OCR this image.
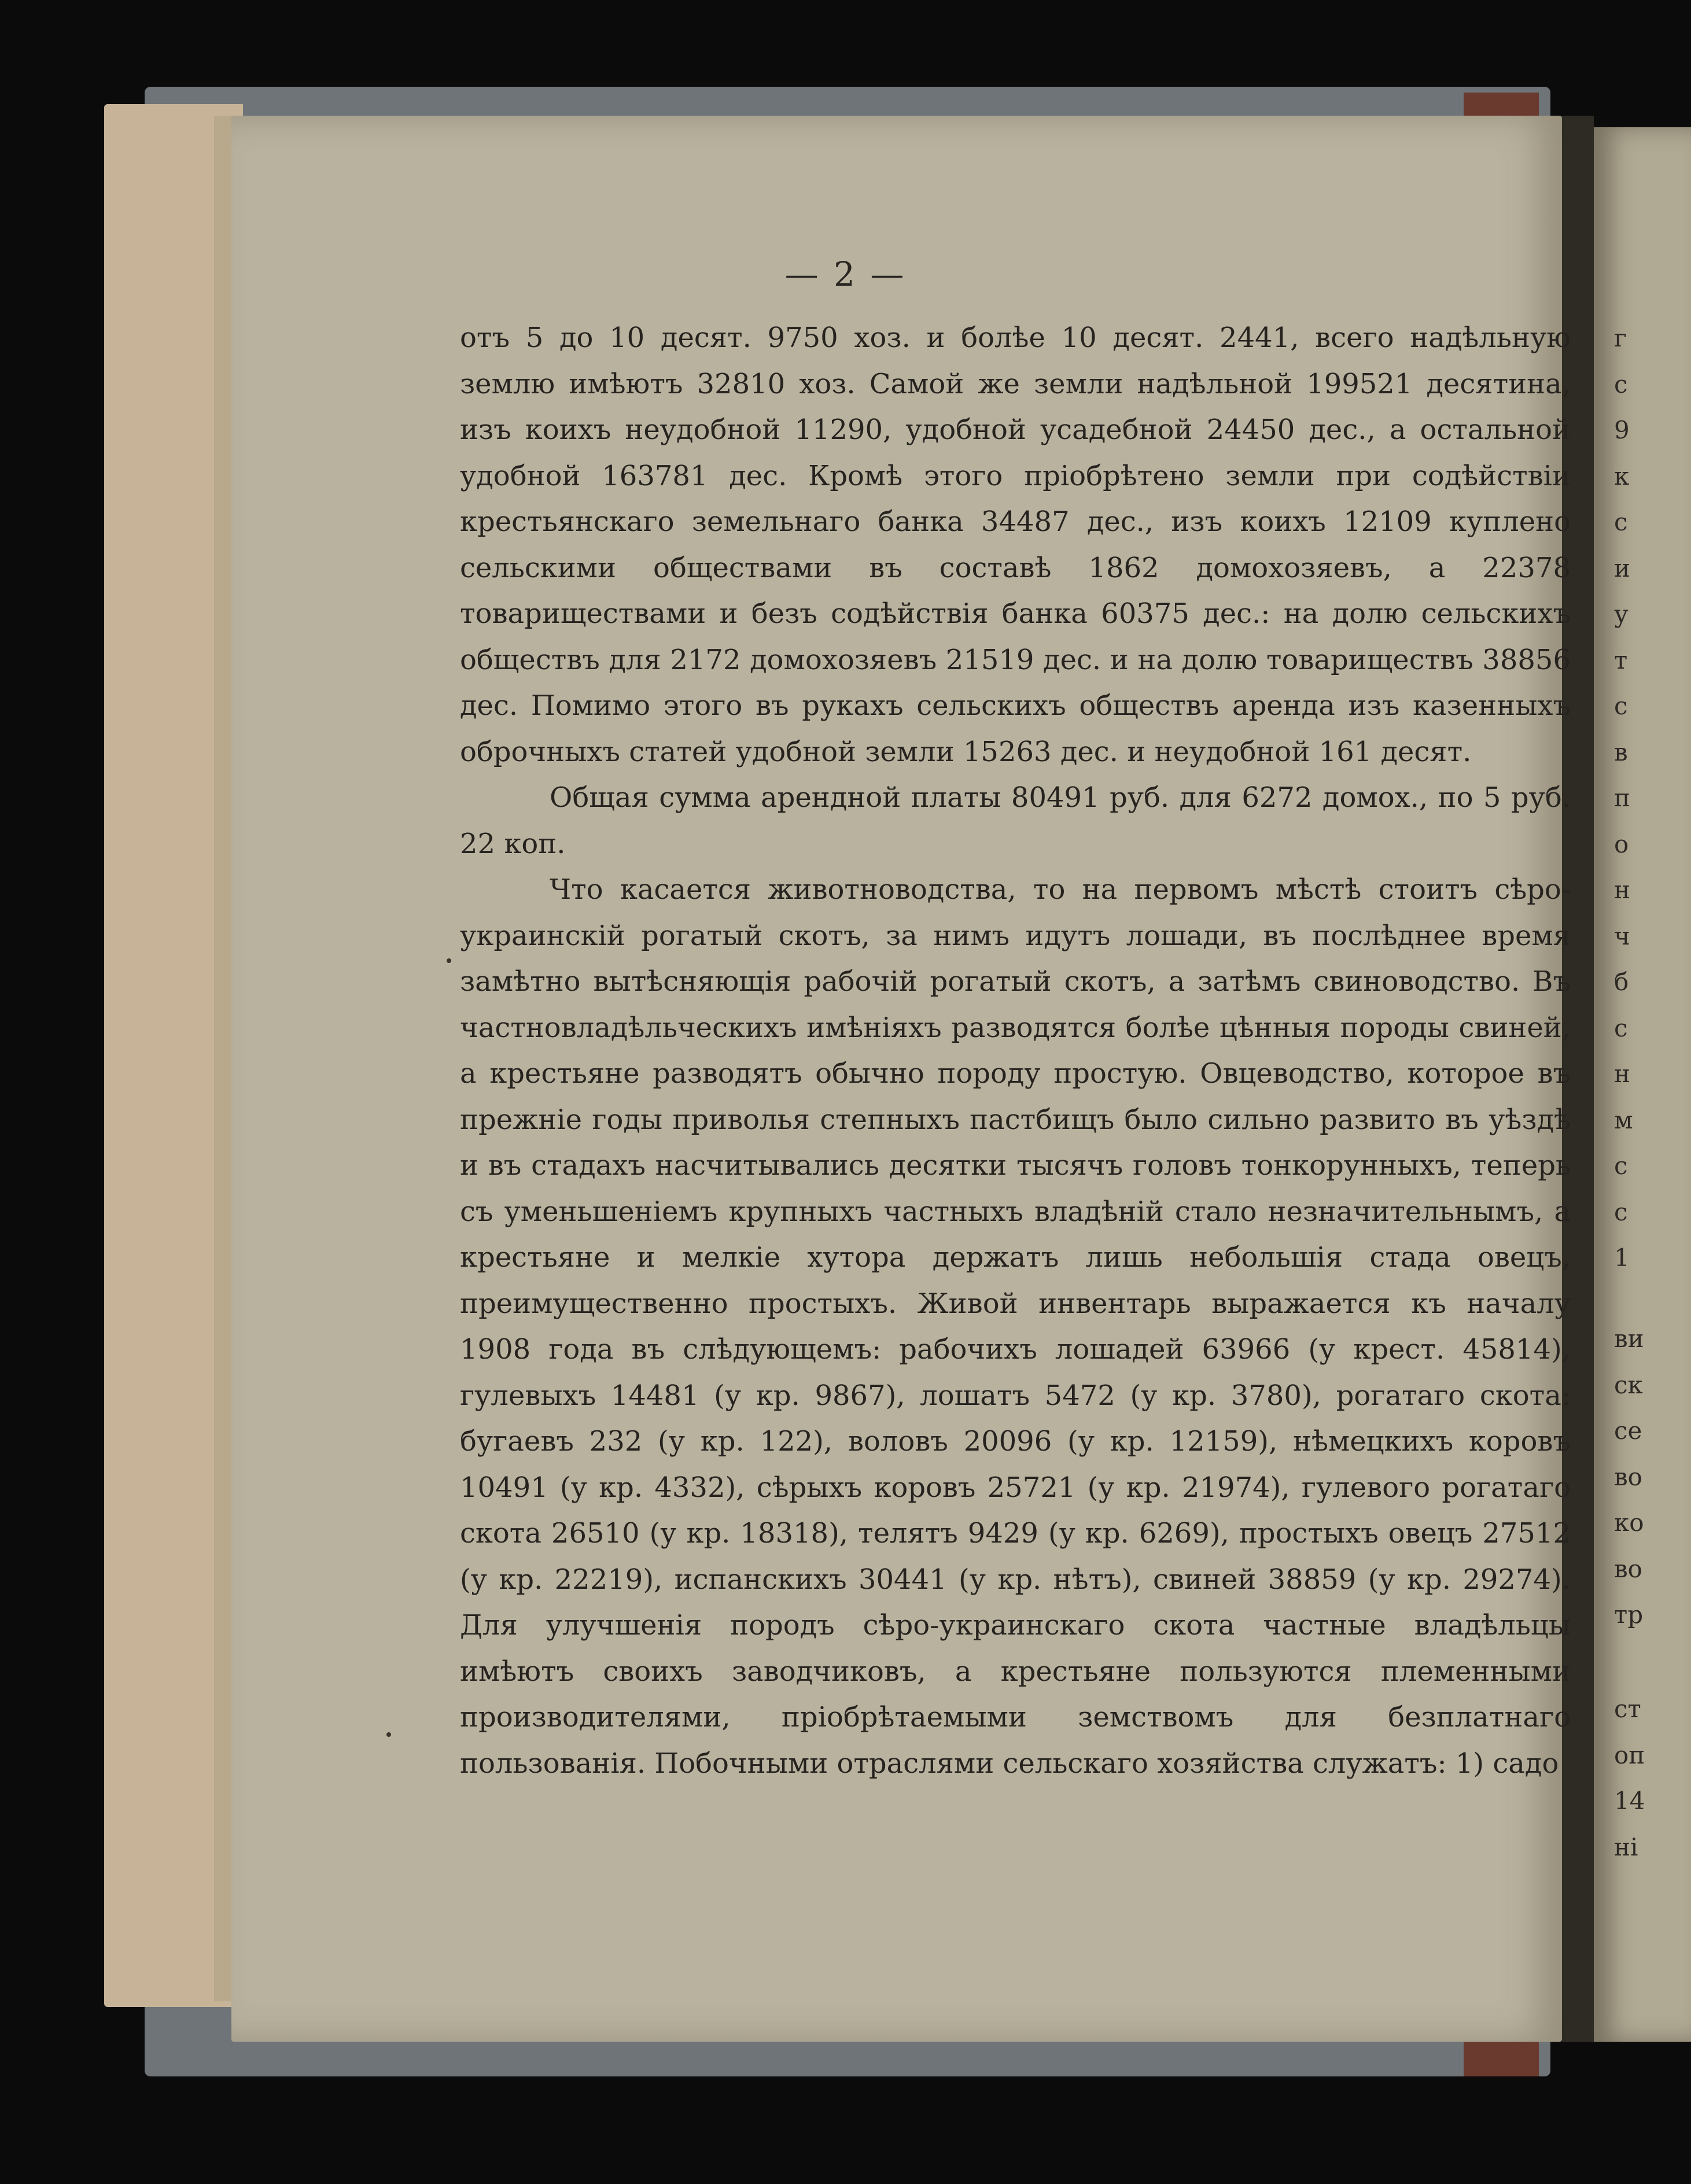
— 2 —

отъ 5 до 10 десят. 9750 хоз. и болѣе 10 десят. 2441, всего надѣльную землю имѣютъ 32810 хоз. Самой же земли надѣльной 199521 десятина, изъ коихъ неудобной 11290, удобной усадебной 24450 дес., а остальной удобной 163781 дес. Кромѣ этого пріобрѣтено земли при содѣйствіи крестьянскаго земельнаго банка 34487 дес., изъ коихъ 12109 куплено сельскими обществами въ составѣ 1862 домохозяевъ, а 22378 товариществами и безъ содѣйствія банка 60375 дес.: на долю сельскихъ обществъ для 2172 домохозяевъ 21519 дес. и на долю товариществъ 38856 дес. Помимо этого въ рукахъ сельскихъ обществъ аренда изъ казенныхъ оброчныхъ статей удобной земли 15263 дес. и неудобной 161 десят.

Общая сумма арендной платы 80491 руб. для 6272 домох., по 5 руб. 22 коп.

Что касается животноводства, то на первомъ мѣстѣ стоитъ сѣро-украинскій рогатый скотъ, за нимъ идутъ лошади, въ послѣднее время замѣтно вытѣсняющія рабочій рогатый скотъ, а затѣмъ свиноводство. Въ частновладѣльческихъ имѣніяхъ разводятся болѣе цѣнныя породы свиней, а крестьяне разводятъ обычно породу простую. Овцеводство, которое въ прежніе годы приволья степныхъ пастбищъ было сильно развито въ уѣздѣ и въ стадахъ насчитывались десятки тысячъ головъ тонкорунныхъ, теперь съ уменьшеніемъ крупныхъ частныхъ владѣній стало незначительнымъ, а крестьяне и мелкіе хутора держатъ лишь небольшія стада овецъ, преимущественно простыхъ. Живой инвентарь выражается къ началу 1908 года въ слѣдующемъ: рабочихъ лошадей 63966 (у крест. 45814), гулевыхъ 14481 (у кр. 9867), лошатъ 5472 (у кр. 3780), рогатаго скота: бугаевъ 232 (у кр. 122), воловъ 20096 (у кр. 12159), нѣмецкихъ коровъ 10491 (у кр. 4332), сѣрыхъ коровъ 25721 (у кр. 21974), гулевого рогатаго скота 26510 (у кр. 18318), телятъ 9429 (у кр. 6269), простыхъ овецъ 27512 (у кр. 22219), испанскихъ 30441 (у кр. нѣтъ), свиней 38859 (у кр. 29274). Для улучшенія породъ сѣро-украинскаго скота частные владѣльцы имѣютъ своихъ заводчиковъ, а крестьяне пользуются племенными производителями, пріобрѣтаемыми земствомъ для безплатнаго пользованія. Побочными отраслями сельскаго хозяйства служатъ: 1) садо

г
с
9
к
с
и
у
т
с
в
п
о
н
ч
б
с
н
м
с
с
1
ви
ск
се
во
ко
во
тр
ст
оп
14
ні
